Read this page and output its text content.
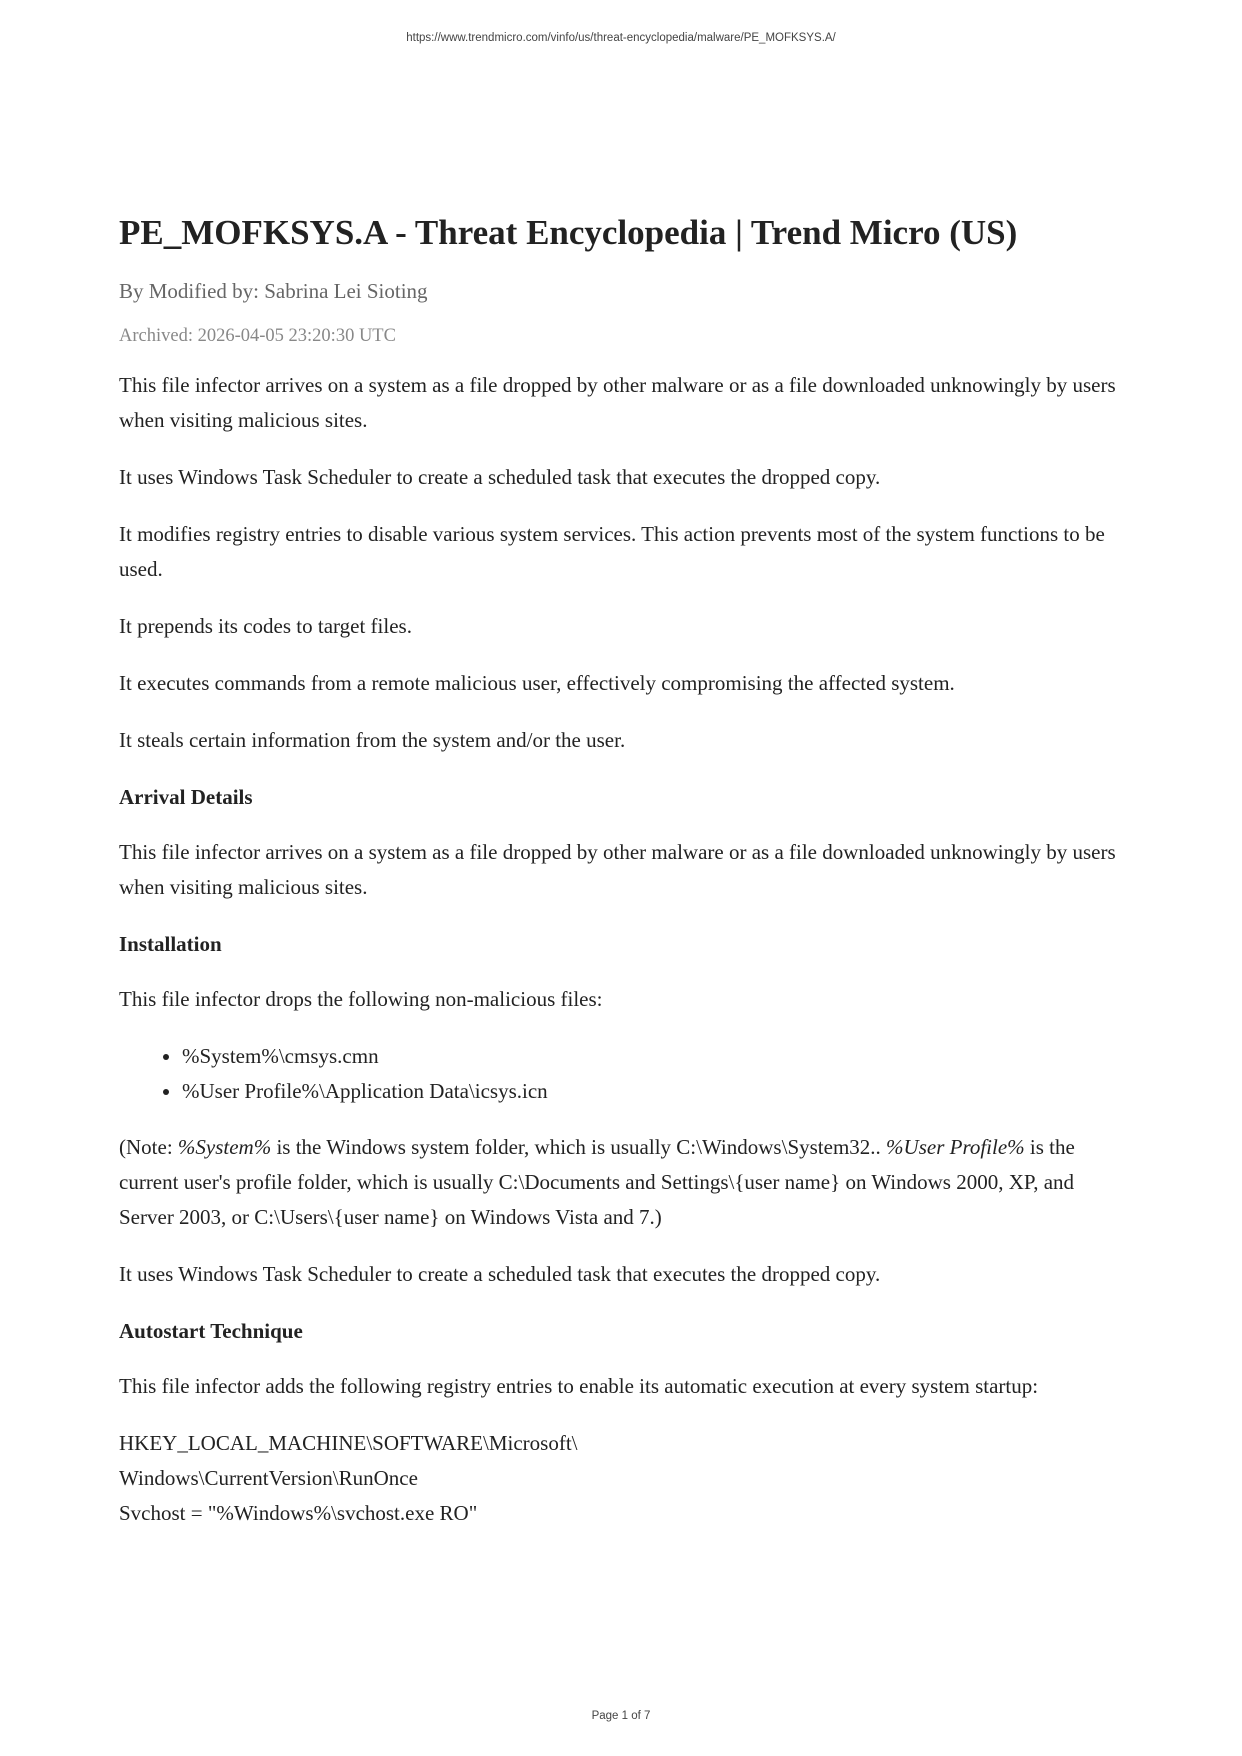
https://www.trendmicro.com/vinfo/us/threat-encyclopedia/malware/PE_MOFKSYS.A/
PE_MOFKSYS.A - Threat Encyclopedia | Trend Micro (US)
By Modified by: Sabrina Lei Sioting
Archived: 2026-04-05 23:20:30 UTC

This file infector arrives on a system as a file dropped by other malware or as a file downloaded unknowingly by users when visiting malicious sites.

It uses Windows Task Scheduler to create a scheduled task that executes the dropped copy.

It modifies registry entries to disable various system services. This action prevents most of the system functions to be used.

It prepends its codes to target files.

It executes commands from a remote malicious user, effectively compromising the affected system.

It steals certain information from the system and/or the user.

Arrival Details

This file infector arrives on a system as a file dropped by other malware or as a file downloaded unknowingly by users when visiting malicious sites.

Installation

This file infector drops the following non-malicious files:

• %System%\cmsys.cmn
• %User Profile%\Application Data\icsys.icn

(Note: %System% is the Windows system folder, which is usually C:\Windows\System32.. %User Profile% is the current user's profile folder, which is usually C:\Documents and Settings\{user name} on Windows 2000, XP, and Server 2003, or C:\Users\{user name} on Windows Vista and 7.)

It uses Windows Task Scheduler to create a scheduled task that executes the dropped copy.

Autostart Technique

This file infector adds the following registry entries to enable its automatic execution at every system startup:

HKEY_LOCAL_MACHINE\SOFTWARE\Microsoft\
Windows\CurrentVersion\RunOnce
Svchost = "%Windows%\svchost.exe RO"
Page 1 of 7
